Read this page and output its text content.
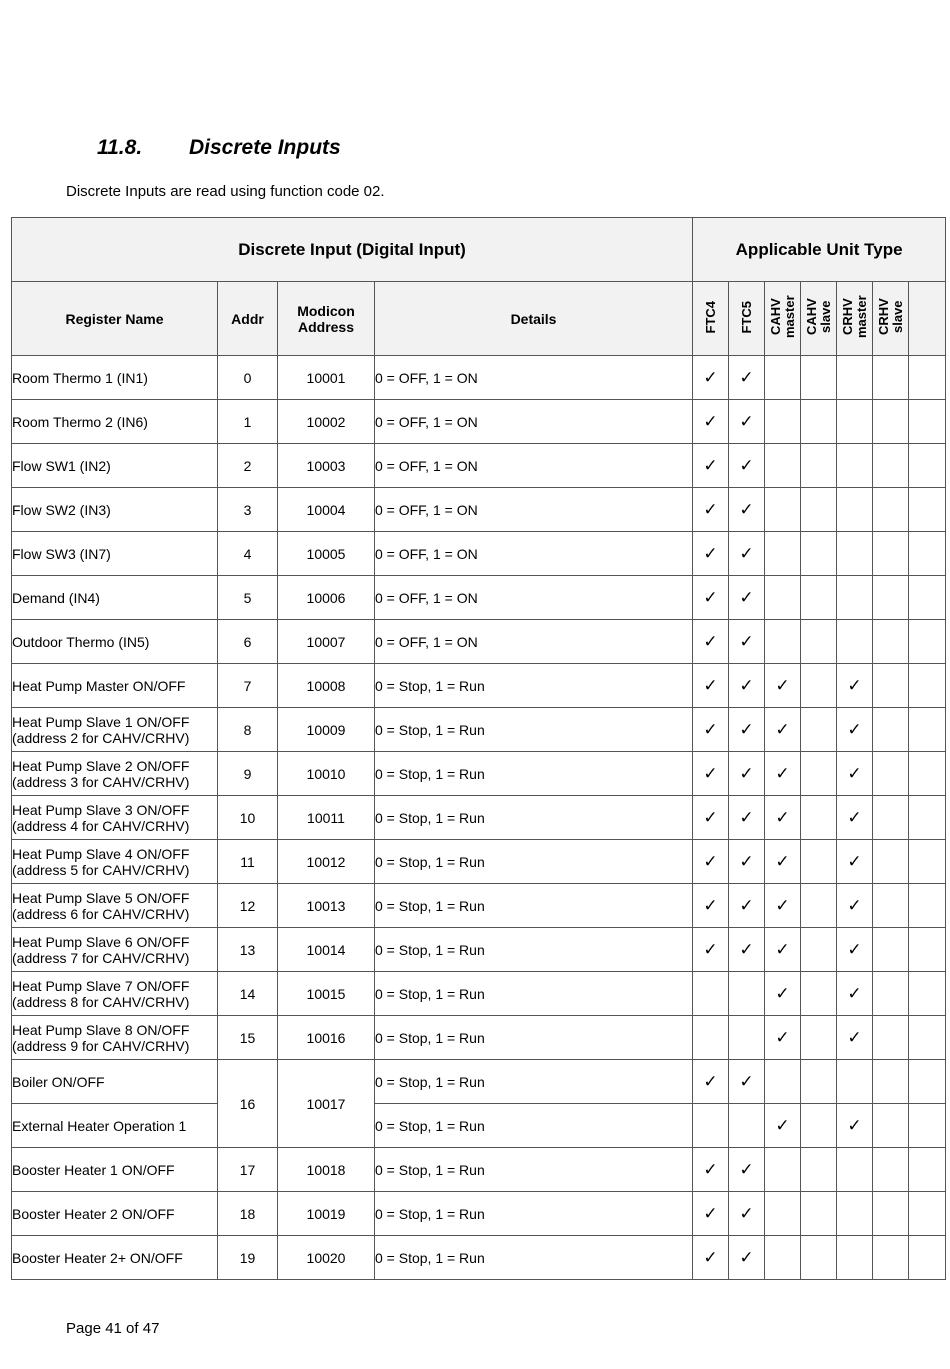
11.8. Discrete Inputs

Discrete Inputs are read using function code 02.

Discrete Input (Digital Input)				Applicable Unit Type						
Register Name	Addr	Modicon Address	Details	FTC4	FTC5	CAHV master	CAHV slave	CRHV master	CRHV slave	
Room Thermo 1 (IN1)	0	10001	0 = OFF, 1 = ON	✓	✓					
Room Thermo 2 (IN6)	1	10002	0 = OFF, 1 = ON	✓	✓					
Flow SW1 (IN2)	2	10003	0 = OFF, 1 = ON	✓	✓					
Flow SW2 (IN3)	3	10004	0 = OFF, 1 = ON	✓	✓					
Flow SW3 (IN7)	4	10005	0 = OFF, 1 = ON	✓	✓					
Demand (IN4)	5	10006	0 = OFF, 1 = ON	✓	✓					
Outdoor Thermo (IN5)	6	10007	0 = OFF, 1 = ON	✓	✓					
Heat Pump Master ON/OFF	7	10008	0 = Stop, 1 = Run	✓	✓	✓		✓		
Heat Pump Slave 1 ON/OFF
(address 2 for CAHV/CRHV)	8	10009	0 = Stop, 1 = Run	✓	✓	✓		✓		
Heat Pump Slave 2 ON/OFF
(address 3 for CAHV/CRHV)	9	10010	0 = Stop, 1 = Run	✓	✓	✓		✓		
Heat Pump Slave 3 ON/OFF
(address 4 for CAHV/CRHV)	10	10011	0 = Stop, 1 = Run	✓	✓	✓		✓		
Heat Pump Slave 4 ON/OFF
(address 5 for CAHV/CRHV)	11	10012	0 = Stop, 1 = Run	✓	✓	✓		✓		
Heat Pump Slave 5 ON/OFF
(address 6 for CAHV/CRHV)	12	10013	0 = Stop, 1 = Run	✓	✓	✓		✓		
Heat Pump Slave 6 ON/OFF
(address 7 for CAHV/CRHV)	13	10014	0 = Stop, 1 = Run	✓	✓	✓		✓		
Heat Pump Slave 7 ON/OFF
(address 8 for CAHV/CRHV)	14	10015	0 = Stop, 1 = Run			✓		✓		
Heat Pump Slave 8 ON/OFF
(address 9 for CAHV/CRHV)	15	10016	0 = Stop, 1 = Run			✓		✓		
Boiler ON/OFF	16	10017	0 = Stop, 1 = Run	✓	✓					
External Heater Operation 1			0 = Stop, 1 = Run			✓		✓		
Booster Heater 1 ON/OFF	17	10018	0 = Stop, 1 = Run	✓	✓					
Booster Heater 2 ON/OFF	18	10019	0 = Stop, 1 = Run	✓	✓					
Booster Heater 2+ ON/OFF	19	10020	0 = Stop, 1 = Run	✓	✓					

Page 41 of 47
